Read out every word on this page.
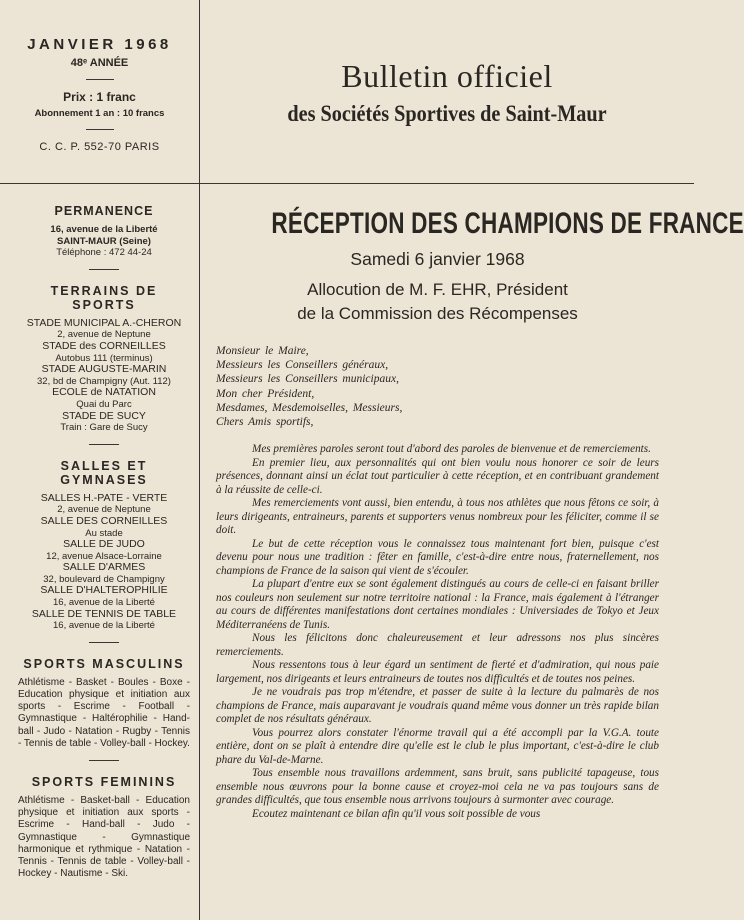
JANVIER 1968

48ᵉ ANNÉE

Prix : 1 franc

Abonnement 1 an : 10 francs

C. C. P. 552-70 PARIS

Bulletin officiel

des Sociétés Sportives de Saint-Maur

PERMANENCE

16, avenue de la Liberté

SAINT-MAUR (Seine)

Téléphone : 472 44-24

TERRAINS DE SPORTS

STADE MUNICIPAL A.-CHERON

2, avenue de Neptune

STADE des CORNEILLES

Autobus 111 (terminus)

STADE AUGUSTE-MARIN

32, bd de Champigny (Aut. 112)

ECOLE de NATATION

Quai du Parc

STADE DE SUCY

Train : Gare de Sucy

SALLES ET GYMNASES

SALLES H.-PATE - VERTE

2, avenue de Neptune

SALLE DES CORNEILLES

Au stade

SALLE DE JUDO

12, avenue Alsace-Lorraine

SALLE D'ARMES

32, boulevard de Champigny

SALLE D'HALTEROPHILIE

16, avenue de la Liberté

SALLE DE TENNIS DE TABLE

16, avenue de la Liberté

SPORTS MASCULINS

Athlétisme - Basket - Boules - Boxe - Education physique et initiation aux sports - Escrime - Football - Gymnastique - Haltérophilie - Hand-ball - Judo - Natation - Rugby - Tennis - Tennis de table - Volley-ball - Hockey.

SPORTS FEMININS

Athlétisme - Basket-ball - Education physique et initiation aux sports - Escrime - Hand-ball - Judo - Gymnastique - Gymnastique harmonique et rythmique - Natation - Tennis - Tennis de table - Volley-ball - Hockey - Nautisme - Ski.

RÉCEPTION DES CHAMPIONS DE FRANCE

Samedi 6 janvier 1968

Allocution de M. F. EHR, Président

de la Commission des Récompenses

Monsieur le Maire,
Messieurs les Conseillers généraux,
Messieurs les Conseillers municipaux,
Mon cher Président,
Mesdames, Mesdemoiselles, Messieurs,
Chers Amis sportifs,

Mes premières paroles seront tout d'abord des paroles de bienvenue et de remerciements.

En premier lieu, aux personnalités qui ont bien voulu nous honorer ce soir de leurs présences, donnant ainsi un éclat tout particulier à cette réception, et en contribuant grandement à la réussite de celle-ci.

Mes remerciements vont aussi, bien entendu, à tous nos athlètes que nous fêtons ce soir, à leurs dirigeants, entraineurs, parents et supporters venus nombreux pour les féliciter, comme il se doit.

Le but de cette réception vous le connaissez tous maintenant fort bien, puisque c'est devenu pour nous une tradition : fêter en famille, c'est-à-dire entre nous, fraternellement, nos champions de France de la saison qui vient de s'écouler.

La plupart d'entre eux se sont également distingués au cours de celle-ci en faisant briller nos couleurs non seulement sur notre territoire national : la France, mais également à l'étranger au cours de différentes manifestations dont certaines mondiales : Universiades de Tokyo et Jeux Méditerranéens de Tunis.

Nous les félicitons donc chaleureusement et leur adressons nos plus sincères remerciements.

Nous ressentons tous à leur égard un sentiment de fierté et d'admiration, qui nous paie largement, nos dirigeants et leurs entraineurs de toutes nos difficultés et de toutes nos peines.

Je ne voudrais pas trop m'étendre, et passer de suite à la lecture du palmarès de nos champions de France, mais auparavant je voudrais quand même vous donner un très rapide bilan complet de nos résultats généraux.

Vous pourrez alors constater l'énorme travail qui a été accompli par la V.G.A. toute entière, dont on se plaît à entendre dire qu'elle est le club le plus important, c'est-à-dire le club phare du Val-de-Marne.

Tous ensemble nous travaillons ardemment, sans bruit, sans publicité tapageuse, tous ensemble nous œuvrons pour la bonne cause et croyez-moi cela ne va pas toujours sans de grandes difficultés, que tous ensemble nous arrivons toujours à surmonter avec courage.

Ecoutez maintenant ce bilan afin qu'il vous soit possible de vous
